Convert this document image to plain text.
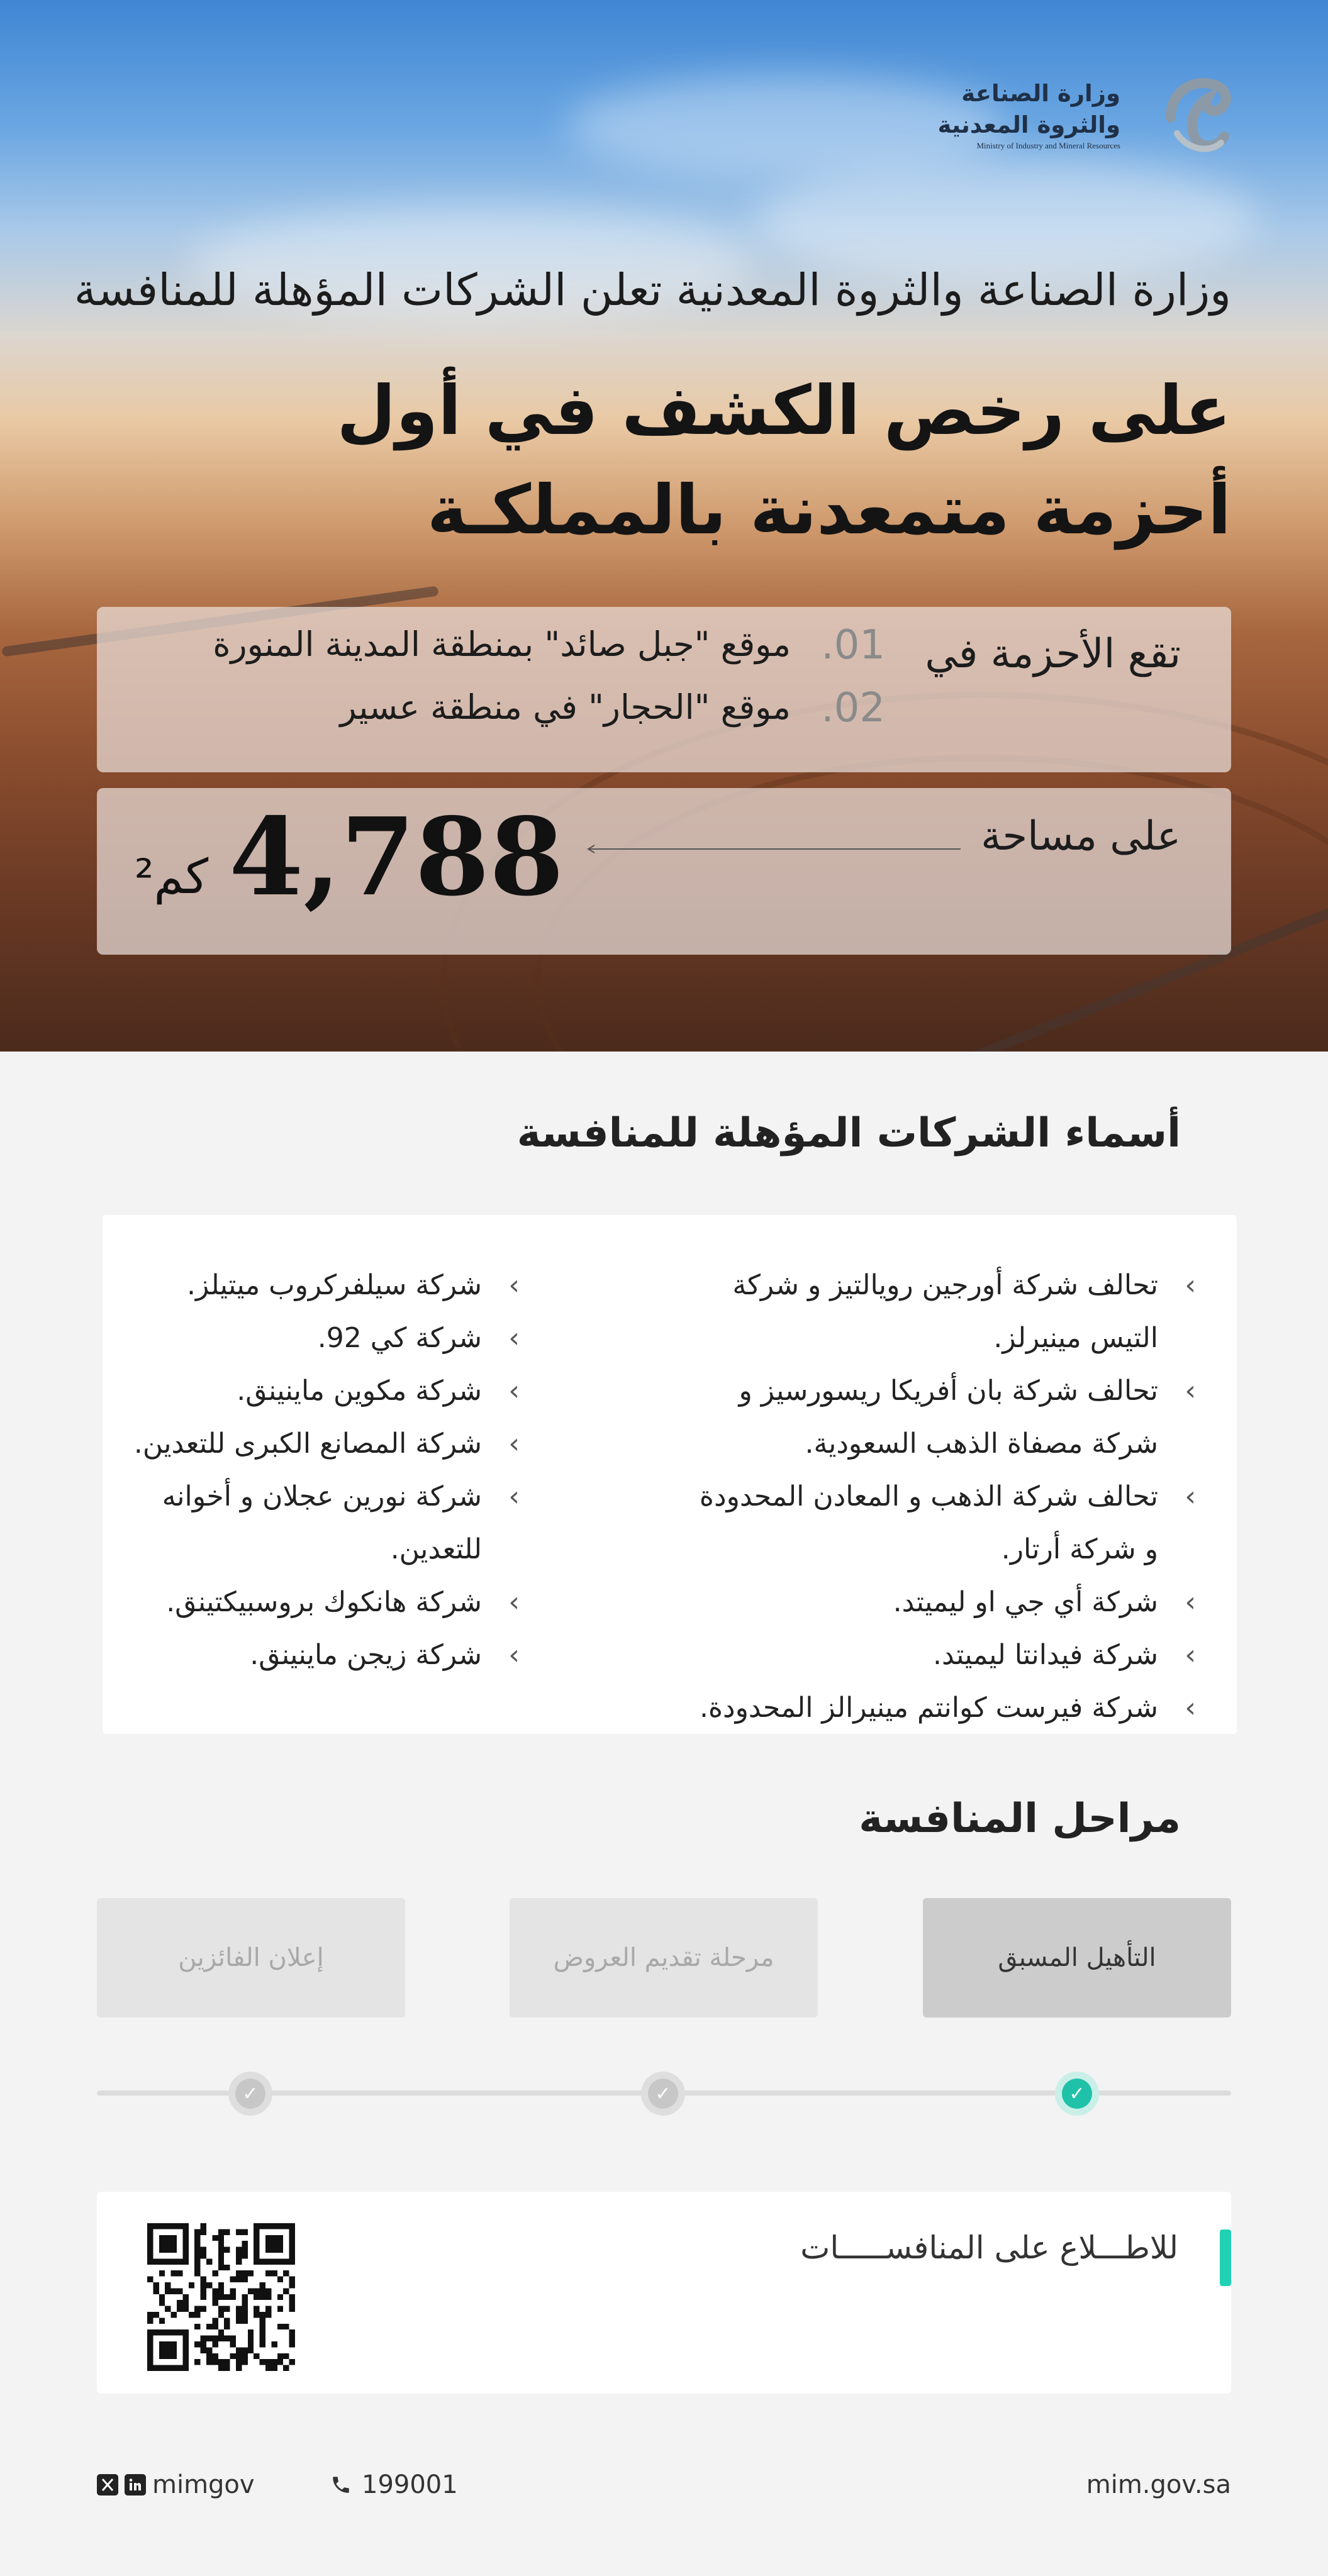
وزارة الصناعة
والثروة المعدنية
Ministry of Industry and Mineral Resources
وزارة الصناعة والثروة المعدنية تعلن الشركات المؤهلة للمنافسة
على رخص الكشف في أول أحزمة متمعدنة بالمملكـة
تقع الأحزمة في
موقع "جبل صائد" بمنطقة المدينة المنورة 01.
موقع "الحجار" في منطقة عسير 02.
على مساحة
4,788
كم²
أسماء الشركات المؤهلة للمنافسة
› تحالف شركة أورجين رويالتيز و شركة التيس مينيرلز.
› تحالف شركة بان أفريكا ريسورسيز و شركة مصفاة الذهب السعودية.
› تحالف شركة الذهب و المعادن المحدودة و شركة أرتار.
› شركة أي جي او ليميتد.
› شركة فيدانتا ليميتد.
› شركة فيرست كوانتم مينيرالز المحدودة.
› شركة سيلفركروب ميتيلز.
› شركة كي 92.
› شركة مكوين ماينينق.
› شركة المصانع الكبرى للتعدين.
› شركة نورين عجلان و أخوانه للتعدين.
› شركة هانكوك بروسبيكتينق.
› شركة زيجن ماينينق.
مراحل المنافسة
التأهيل المسبق
مرحلة تقديم العروض
إعلان الفائزين
✓
✓
✓
للاطـــلاع على المنافســـــات
mim.gov.sa
199001
mimgov
